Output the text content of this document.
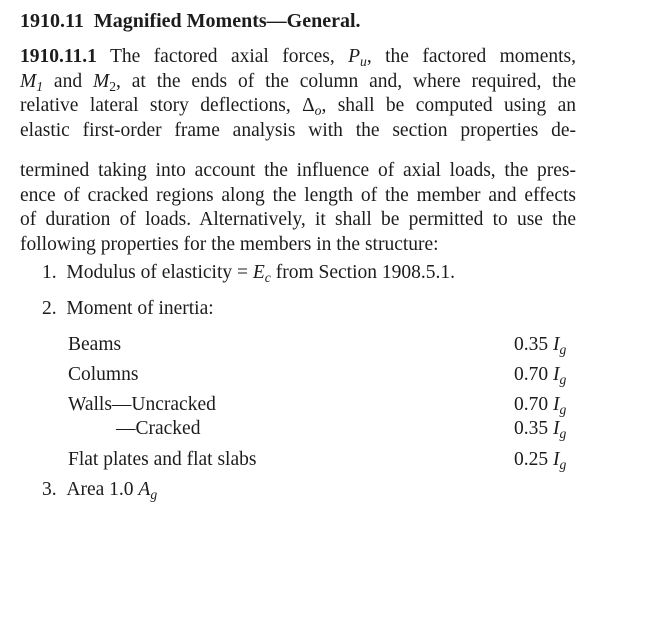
1910.11 Magnified Moments—General.
1910.11.1 The factored axial forces, $P_u$, the factored moments,
$M_1$ and $M_2$, at the ends of the column and, where required, the
relative lateral story deflections, $\Delta_o$, shall be computed using an
elastic first-order frame analysis with the section properties de-
termined taking into account the influence of axial loads, the pres-
ence of cracked regions along the length of the member and effects
of duration of loads. Alternatively, it shall be permitted to use the
following properties for the members in the structure:
1. Modulus of elasticity = $E_c$ from Section 1908.5.1.
2. Moment of inertia:
Beams	0.35 $I_g$
Columns	0.70 $I_g$
Walls—Uncracked	0.70 $I_g$
—Cracked	0.35 $I_g$
Flat plates and flat slabs	0.25 $I_g$
3. Area 1.0 $A_g$
